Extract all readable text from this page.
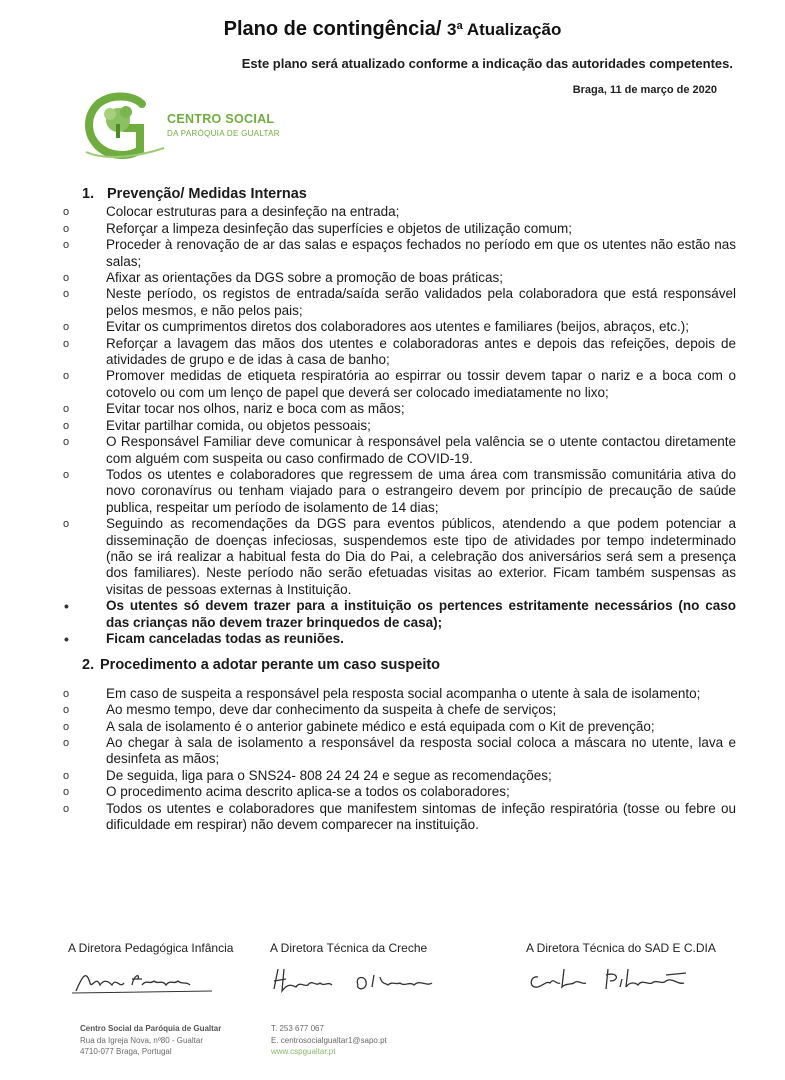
Plano de contingência/ 3ª Atualização
Este plano será atualizado conforme a indicação das autoridades competentes.
Braga, 11 de março de 2020
CENTRO SOCIAL
DA PARÓQUIA DE GUALTAR
1. Prevenção/ Medidas Internas
o	Colocar estruturas para a desinfeção na entrada;
o	Reforçar a limpeza desinfeção das superfícies e objetos de utilização comum;
o	Proceder à renovação de ar das salas e espaços fechados no período em que os utentes não estão nas salas;
o	Afixar as orientações da DGS sobre a promoção de boas práticas;
o	Neste período, os registos de entrada/saída serão validados pela colaboradora que está responsável pelos mesmos, e não pelos pais;
o	Evitar os cumprimentos diretos dos colaboradores aos utentes e familiares (beijos, abraços, etc.);
o	Reforçar a lavagem das mãos dos utentes e colaboradoras antes e depois das refeições, depois de atividades de grupo e de idas à casa de banho;
o	Promover medidas de etiqueta respiratória ao espirrar ou tossir devem tapar o nariz e a boca com o cotovelo ou com um lenço de papel que deverá ser colocado imediatamente no lixo;
o	Evitar tocar nos olhos, nariz e boca com as mãos;
o	Evitar partilhar comida, ou objetos pessoais;
o	O Responsável Familiar deve comunicar à responsável pela valência se o utente contactou diretamente com alguém com suspeita ou caso confirmado de COVID-19.
o	Todos os utentes e colaboradores que regressem de uma área com transmissão comunitária ativa do novo coronavírus ou tenham viajado para o estrangeiro devem por princípio de precaução de saúde publica, respeitar um período de isolamento de 14 dias;
o	Seguindo as recomendações da DGS para eventos públicos, atendendo a que podem potenciar a disseminação de doenças infeciosas, suspendemos este tipo de atividades por tempo indeterminado (não se irá realizar a habitual festa do Dia do Pai, a celebração dos aniversários será sem a presença dos familiares). Neste período não serão efetuadas visitas ao exterior. Ficam também suspensas as visitas de pessoas externas à Instituição.
•	Os utentes só devem trazer para a instituição os pertences estritamente necessários (no caso das crianças não devem trazer brinquedos de casa);
•	Ficam canceladas todas as reuniões.
2. Procedimento a adotar perante um caso suspeito
o	Em caso de suspeita a responsável pela resposta social acompanha o utente à sala de isolamento;
o	Ao mesmo tempo, deve dar conhecimento da suspeita à chefe de serviços;
o	A sala de isolamento é o anterior gabinete médico e está equipada com o Kit de prevenção;
o	Ao chegar à sala de isolamento a responsável da resposta social coloca a máscara no utente, lava e desinfeta as mãos;
o	De seguida, liga para o SNS24- 808 24 24 24 e segue as recomendações;
o	O procedimento acima descrito aplica-se a todos os colaboradores;
o	Todos os utentes e colaboradores que manifestem sintomas de infeção respiratória (tosse ou febre ou dificuldade em respirar) não devem comparecer na instituição.
A Diretora Pedagógica Infância	A Diretora Técnica da Creche	A Diretora Técnica do SAD E C.DIA
Centro Social da Paróquia de Gualtar
Rua da Igreja Nova, nº80 - Gualtar
4710-077 Braga, Portugal
T. 253 677 067
E. centrosocialgualtar1@sapo.pt
www.cspgualtar.pt
